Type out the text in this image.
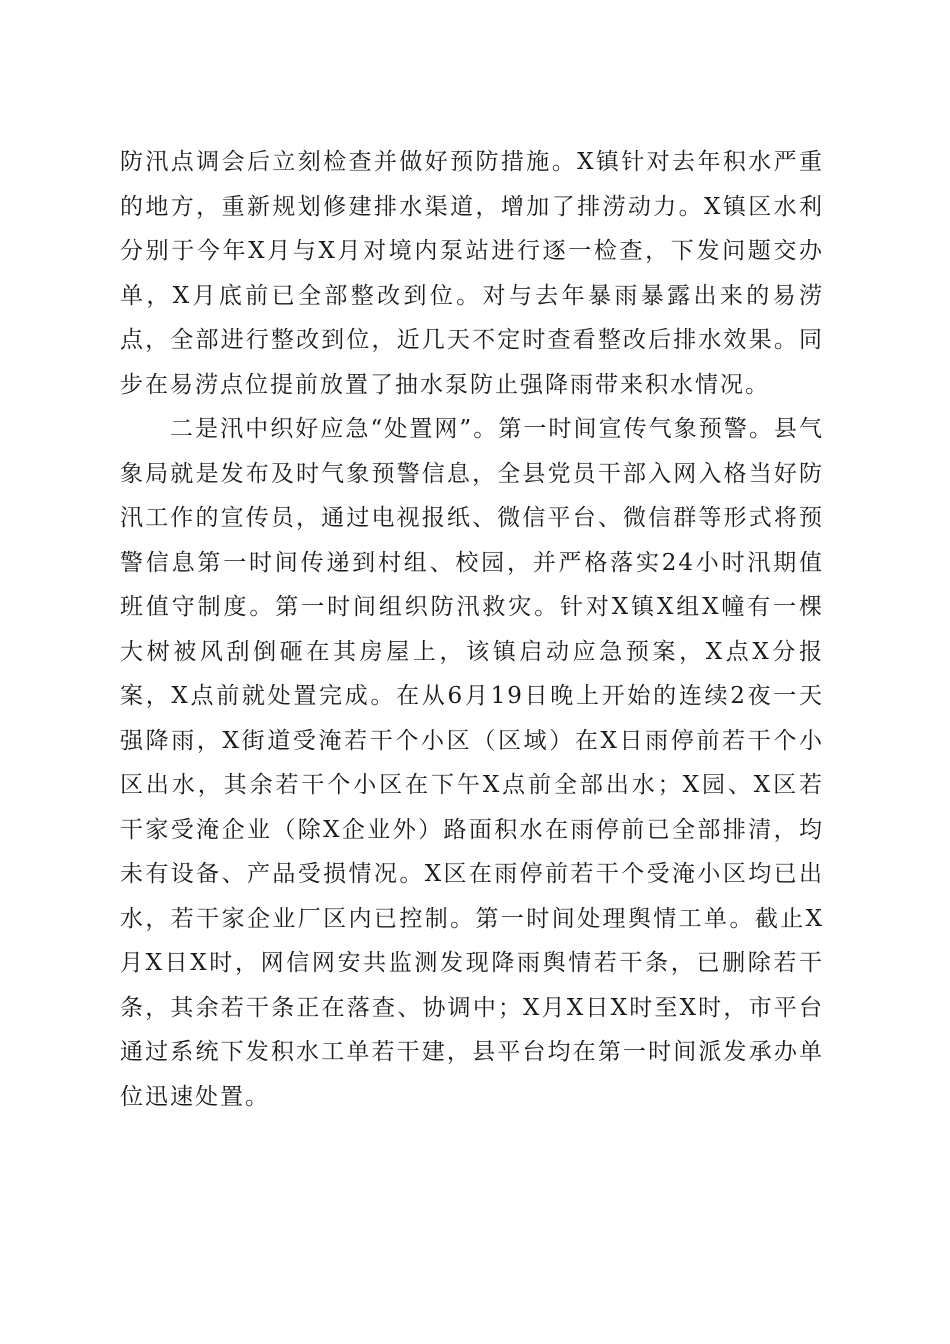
防汛点调会后立刻检查并做好预防措施。X镇针对去年积水严重的地方，重新规划修建排水渠道，增加了排涝动力。X镇区水利分别于今年X月与X月对境内泵站进行逐一检查，下发问题交办单，X月底前已全部整改到位。对与去年暴雨暴露出来的易涝点，全部进行整改到位，近几天不定时查看整改后排水效果。同步在易涝点位提前放置了抽水泵防止强降雨带来积水情况。

二是汛中织好应急“处置网”。第一时间宣传气象预警。县气象局就是发布及时气象预警信息，全县党员干部入网入格当好防汛工作的宣传员，通过电视报纸、微信平台、微信群等形式将预警信息第一时间传递到村组、校园，并严格落实24小时汛期值班值守制度。第一时间组织防汛救灾。针对X镇X组X幢有一棵大树被风刮倒砸在其房屋上，该镇启动应急预案，X点X分报案，X点前就处置完成。在从6月19日晚上开始的连续2夜一天强降雨，X街道受淹若干个小区（区域）在X日雨停前若干个小区出水，其余若干个小区在下午X点前全部出水；X园、X区若干家受淹企业（除X企业外）路面积水在雨停前已全部排清，均未有设备、产品受损情况。X区在雨停前若干个受淹小区均已出水，若干家企业厂区内已控制。第一时间处理舆情工单。截止X月X日X时，网信网安共监测发现降雨舆情若干条，已删除若干条，其余若干条正在落查、协调中；X月X日X时至X时，市平台通过系统下发积水工单若干建，县平台均在第一时间派发承办单位迅速处置。
